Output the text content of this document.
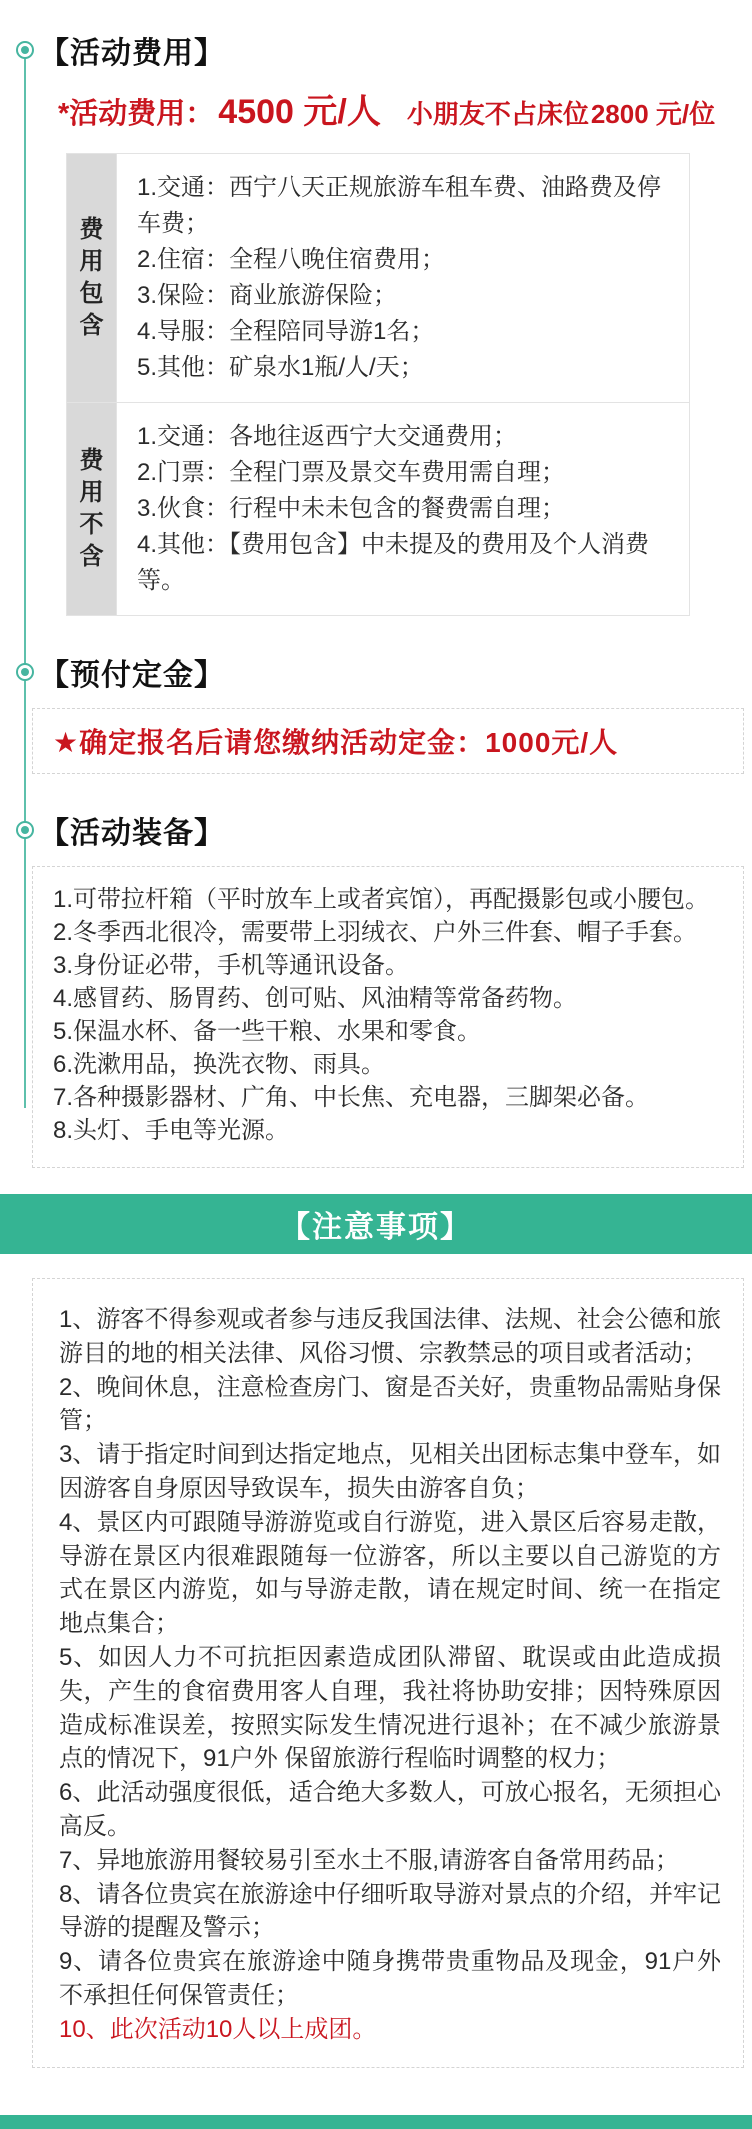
【活动费用】
*活动费用： 4500 元/人 小朋友不占床位 2800 元/位
费用
包含
1.交通：西宁八天正规旅游车租车费、油路费及停车费；
2.住宿：全程八晚住宿费用；
3.保险：商业旅游保险；
4.导服：全程陪同导游1名；
5.其他：矿泉水1瓶/人/天；
费用
不含
1.交通：各地往返西宁大交通费用；
2.门票：全程门票及景交车费用需自理；
3.伙食：行程中未未包含的餐费需自理；
4.其他：【费用包含】中未提及的费用及个人消费等。
【预付定金】
★确定报名后请您缴纳活动定金：1000元/人
【活动装备】
1.可带拉杆箱（平时放车上或者宾馆），再配摄影包或小腰包。
2.冬季西北很冷，需要带上羽绒衣、户外三件套、帽子手套。
3.身份证必带，手机等通讯设备。
4.感冒药、肠胃药、创可贴、风油精等常备药物。
5.保温水杯、备一些干粮、水果和零食。
6.洗漱用品，换洗衣物、雨具。
7.各种摄影器材、广角、中长焦、充电器，三脚架必备。
8.头灯、手电等光源。
【注意事项】
1、游客不得参观或者参与违反我国法律、法规、社会公德和旅游目的地的相关法律、风俗习惯、宗教禁忌的项目或者活动；
2、晚间休息，注意检查房门、窗是否关好，贵重物品需贴身保管；
3、请于指定时间到达指定地点，见相关出团标志集中登车，如因游客自身原因导致误车，损失由游客自负；
4、景区内可跟随导游游览或自行游览，进入景区后容易走散，导游在景区内很难跟随每一位游客，所以主要以自己游览的方式在景区内游览，如与导游走散，请在规定时间、统一在指定地点集合；
5、如因人力不可抗拒因素造成团队滞留、耽误或由此造成损失，产生的食宿费用客人自理，我社将协助安排；因特殊原因造成标准误差，按照实际发生情况进行退补；在不减少旅游景点的情况下，91户外 保留旅游行程临时调整的权力；
6、此活动强度很低，适合绝大多数人，可放心报名，无须担心高反。
7、异地旅游用餐较易引至水土不服,请游客自备常用药品；
8、请各位贵宾在旅游途中仔细听取导游对景点的介绍，并牢记导游的提醒及警示；
9、请各位贵宾在旅游途中随身携带贵重物品及现金，91户外 不承担任何保管责任；
10、此次活动10人以上成团。
